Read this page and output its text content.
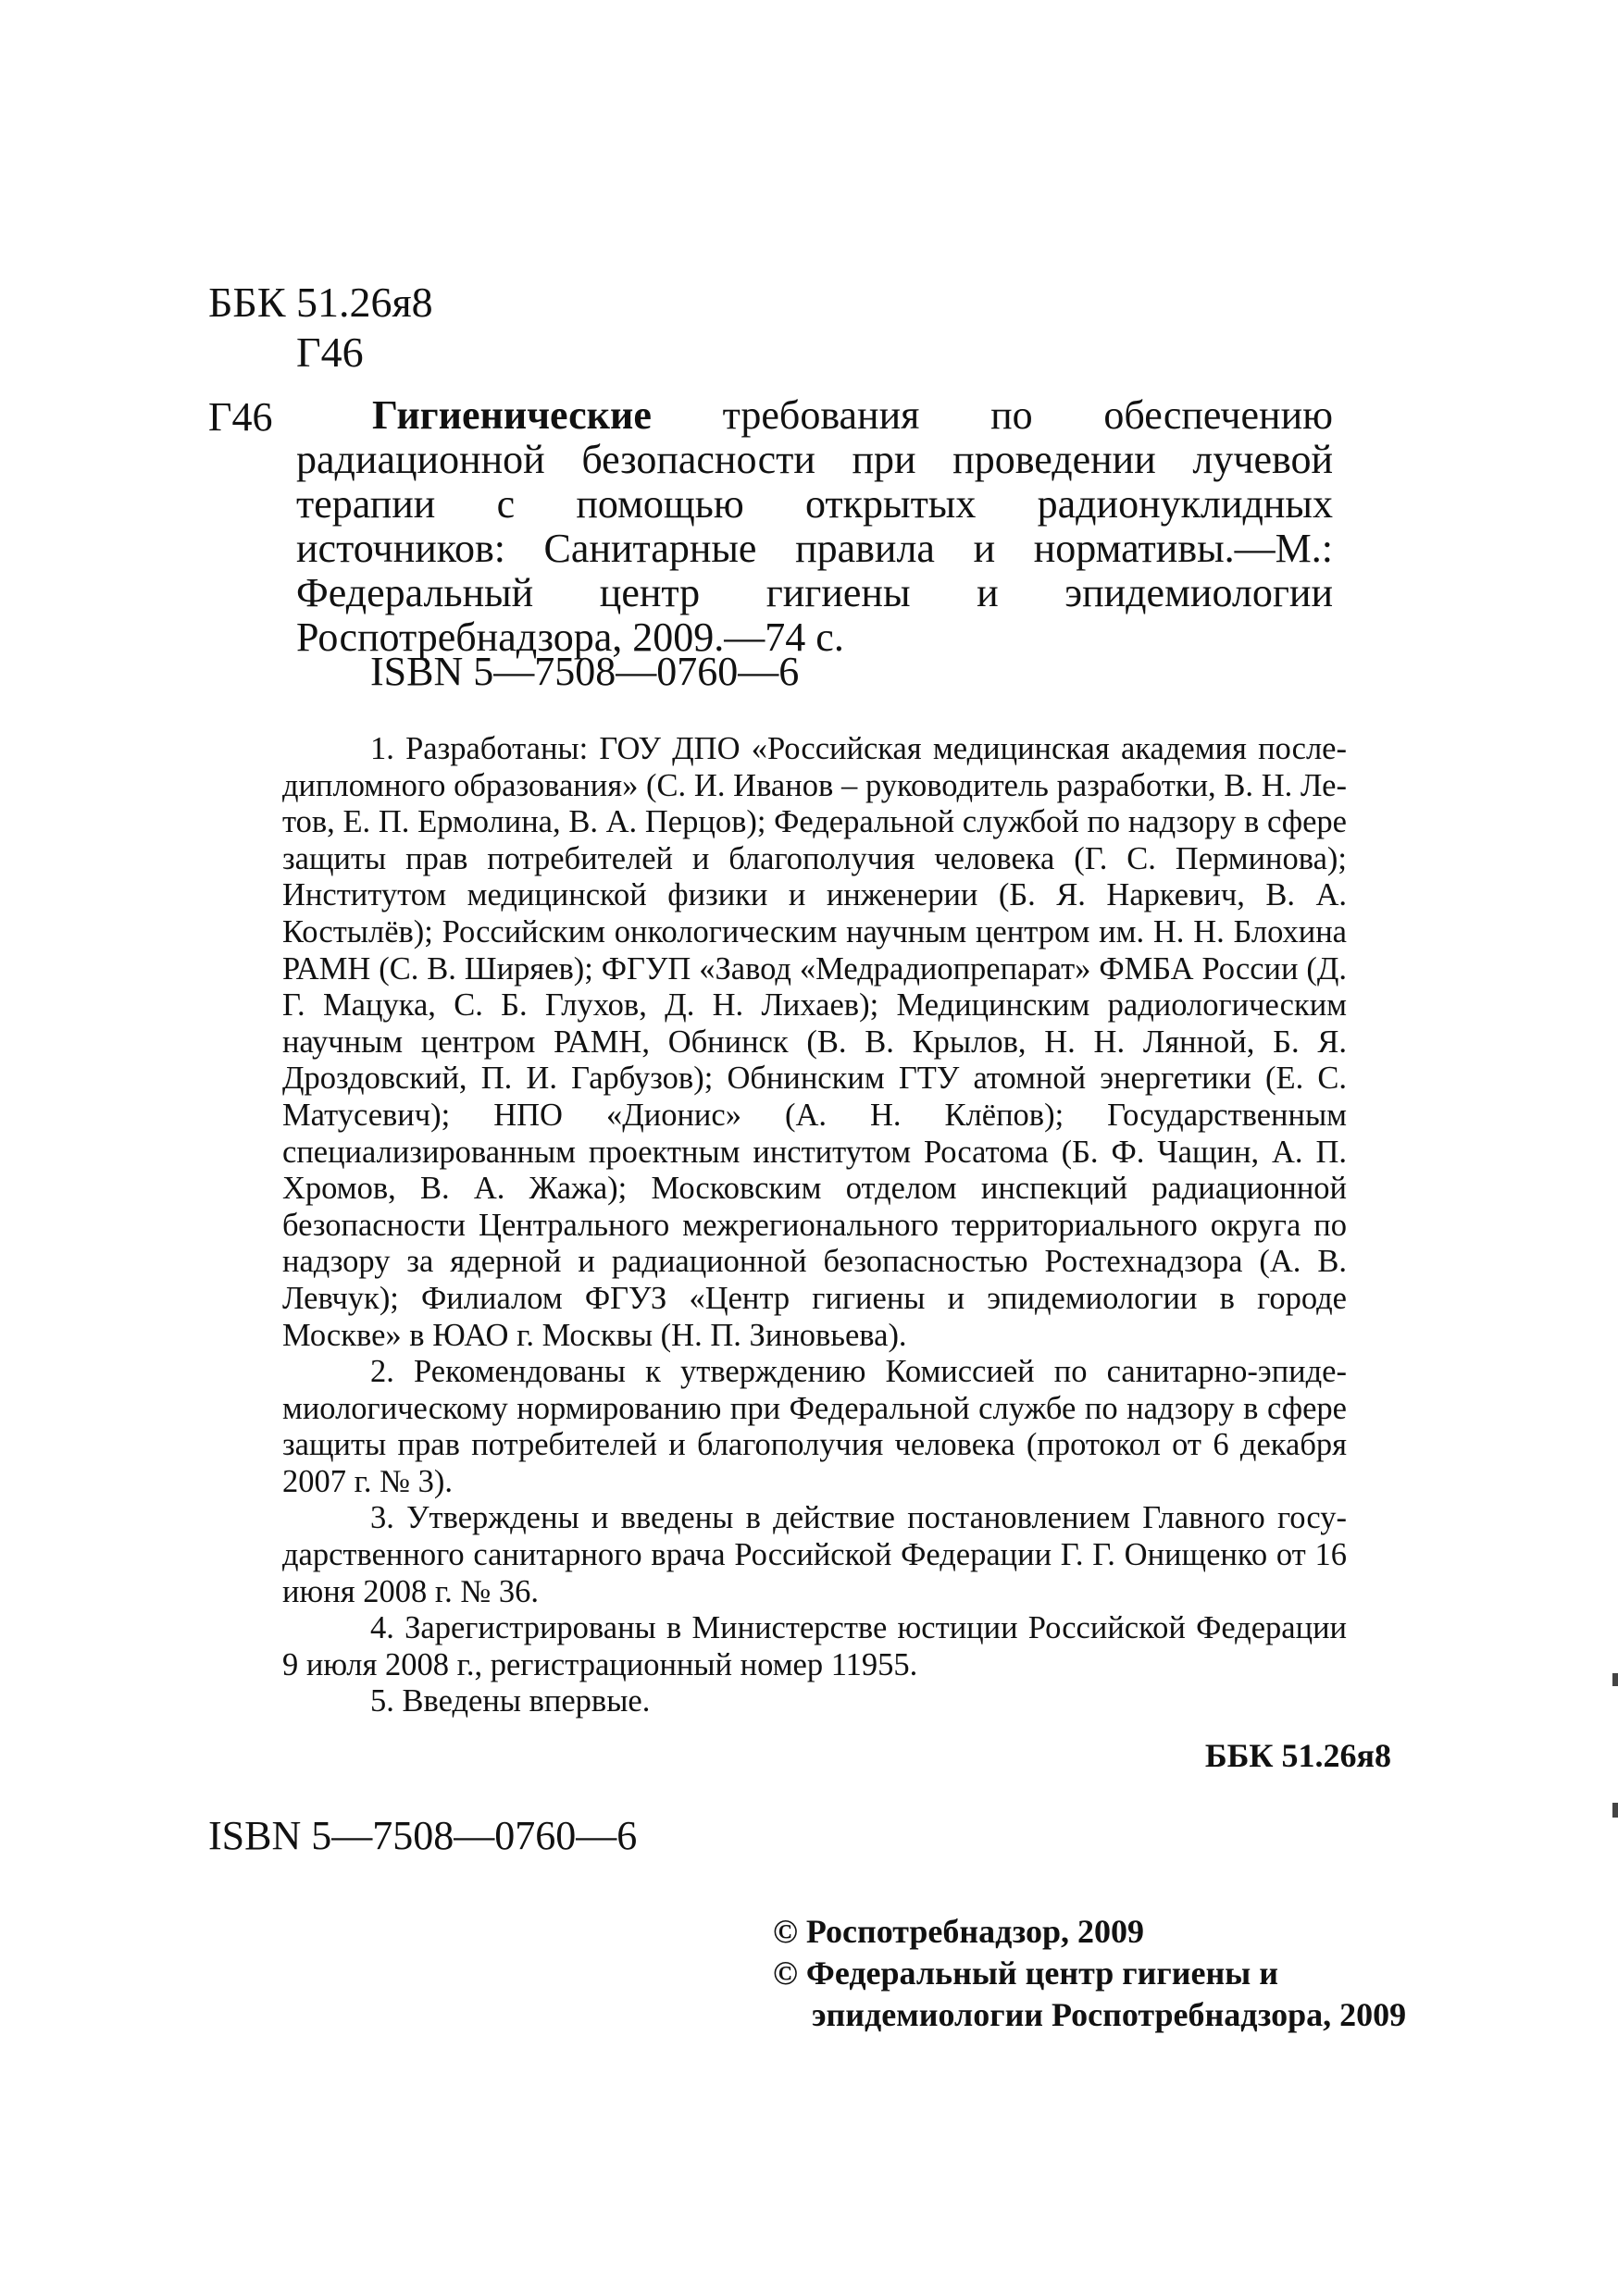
ББК 51.26я8
Г46
Г46	Гигиенические требования по обеспечению радиационной безопасности при проведении лучевой терапии с помощью открытых радионуклидных источников: Санитарные правила и нормативы.—М.: Федеральный центр гигиены и эпидемиологии Роспотребнадзора, 2009.—74 с.
ISBN 5—7508—0760—6

1. Разработаны: ГОУ ДПО «Российская медицинская академия последипломного образования» (С. И. Иванов – руководитель разработки, В. Н. Летов, Е. П. Ермолина, В. А. Перцов); Федеральной службой по надзору в сфере защиты прав потребителей и благополучия человека (Г. С. Перминова); Институтом медицинской физики и инженерии (Б. Я. Наркевич, В. А. Костылёв); Российским онкологическим научным центром им. Н. Н. Блохина РАМН (С. В. Ширяев); ФГУП «Завод «Медрадиопрепарат» ФМБА России (Д. Г. Мацука, С. Б. Глухов, Д. Н. Лихаев); Медицинским радиологическим научным центром РАМН, Обнинск (В. В. Крылов, Н. Н. Лянной, Б. Я. Дроздовский, П. И. Гарбузов); Обнинским ГТУ атомной энергетики (Е. С. Матусевич); НПО «Дионис» (А. Н. Клёпов); Государственным специализированным проектным институтом Росатома (Б. Ф. Чащин, А. П. Хромов, В. А. Жажа); Московским отделом инспекций радиационной безопасности Центрального межрегионального территориального округа по надзору за ядерной и радиационной безопасностью Ростехнадзора (А. В. Левчук); Филиалом ФГУЗ «Центр гигиены и эпидемиологии в городе Москве» в ЮАО г. Москвы (Н. П. Зиновьева).

2. Рекомендованы к утверждению Комиссией по санитарно-эпидемиологическому нормированию при Федеральной службе по надзору в сфере защиты прав потребителей и благополучия человека (протокол от 6 декабря 2007 г. № 3).

3. Утверждены и введены в действие постановлением Главного государственного санитарного врача Российской Федерации Г. Г. Онищенко от 16 июня 2008 г. № 36.

4. Зарегистрированы в Министерстве юстиции Российской Федерации 9 июля 2008 г., регистрационный номер 11955.

5. Введены впервые.

ББК 51.26я8
ISBN 5—7508—0760—6
© Роспотребнадзор, 2009
© Федеральный центр гигиены и
эпидемиологии Роспотребнадзора, 2009
